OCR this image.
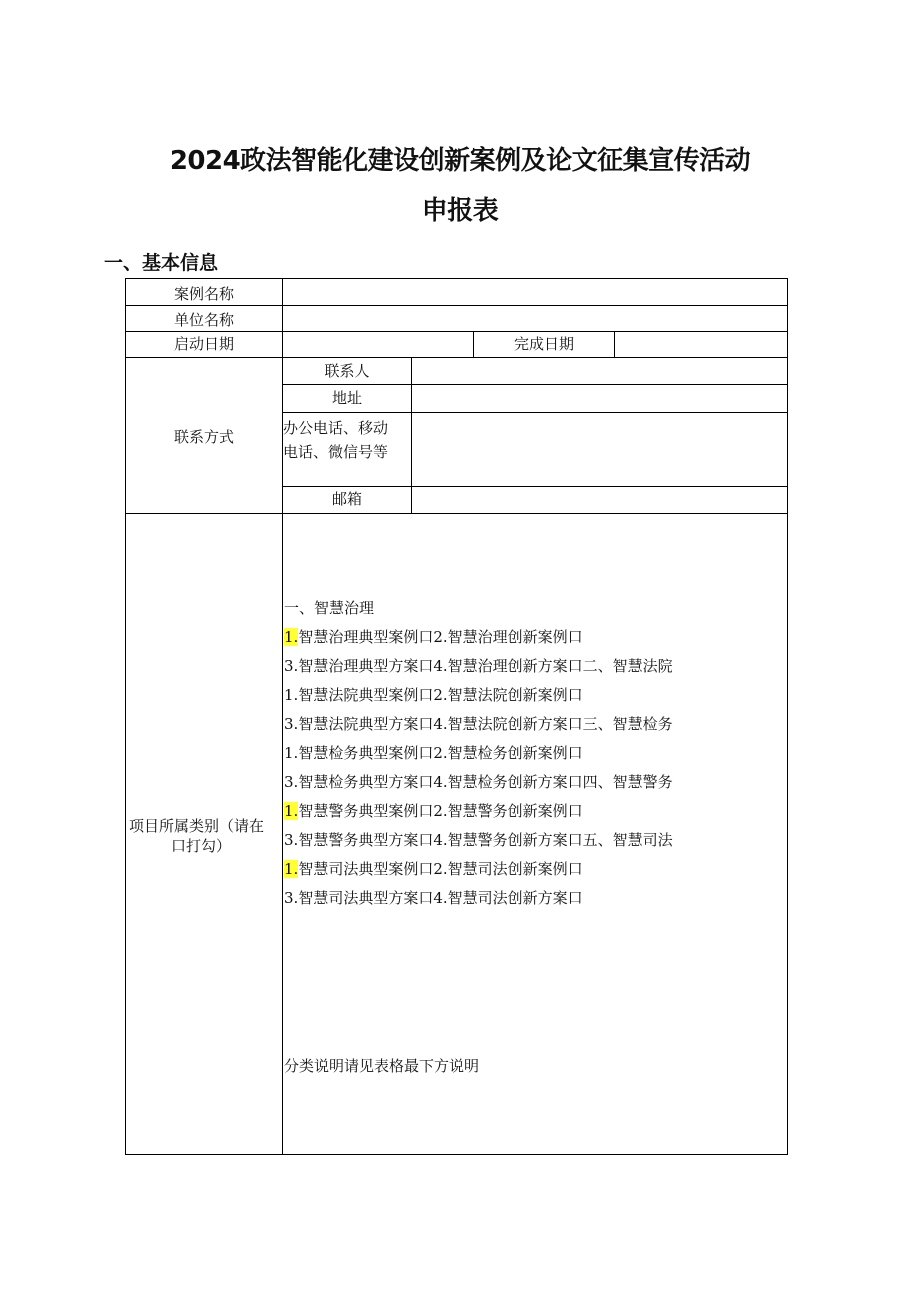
2024政法智能化建设创新案例及论文征集宣传活动
申报表
一、基本信息
案例名称
单位名称
启动日期	完成日期
联系方式
联系人
地址
办公电话、移动
电话、微信号等
邮箱
项目所属类别（请在
口打勾）
一、智慧治理
1.智慧治理典型案例口2.智慧治理创新案例口
3.智慧治理典型方案口4.智慧治理创新方案口二、智慧法院
1.智慧法院典型案例口2.智慧法院创新案例口
3.智慧法院典型方案口4.智慧法院创新方案口三、智慧检务
1.智慧检务典型案例口2.智慧检务创新案例口
3.智慧检务典型方案口4.智慧检务创新方案口四、智慧警务
1.智慧警务典型案例口2.智慧警务创新案例口
3.智慧警务典型方案口4.智慧警务创新方案口五、智慧司法
1.智慧司法典型案例口2.智慧司法创新案例口
3.智慧司法典型方案口4.智慧司法创新方案口
分类说明请见表格最下方说明
